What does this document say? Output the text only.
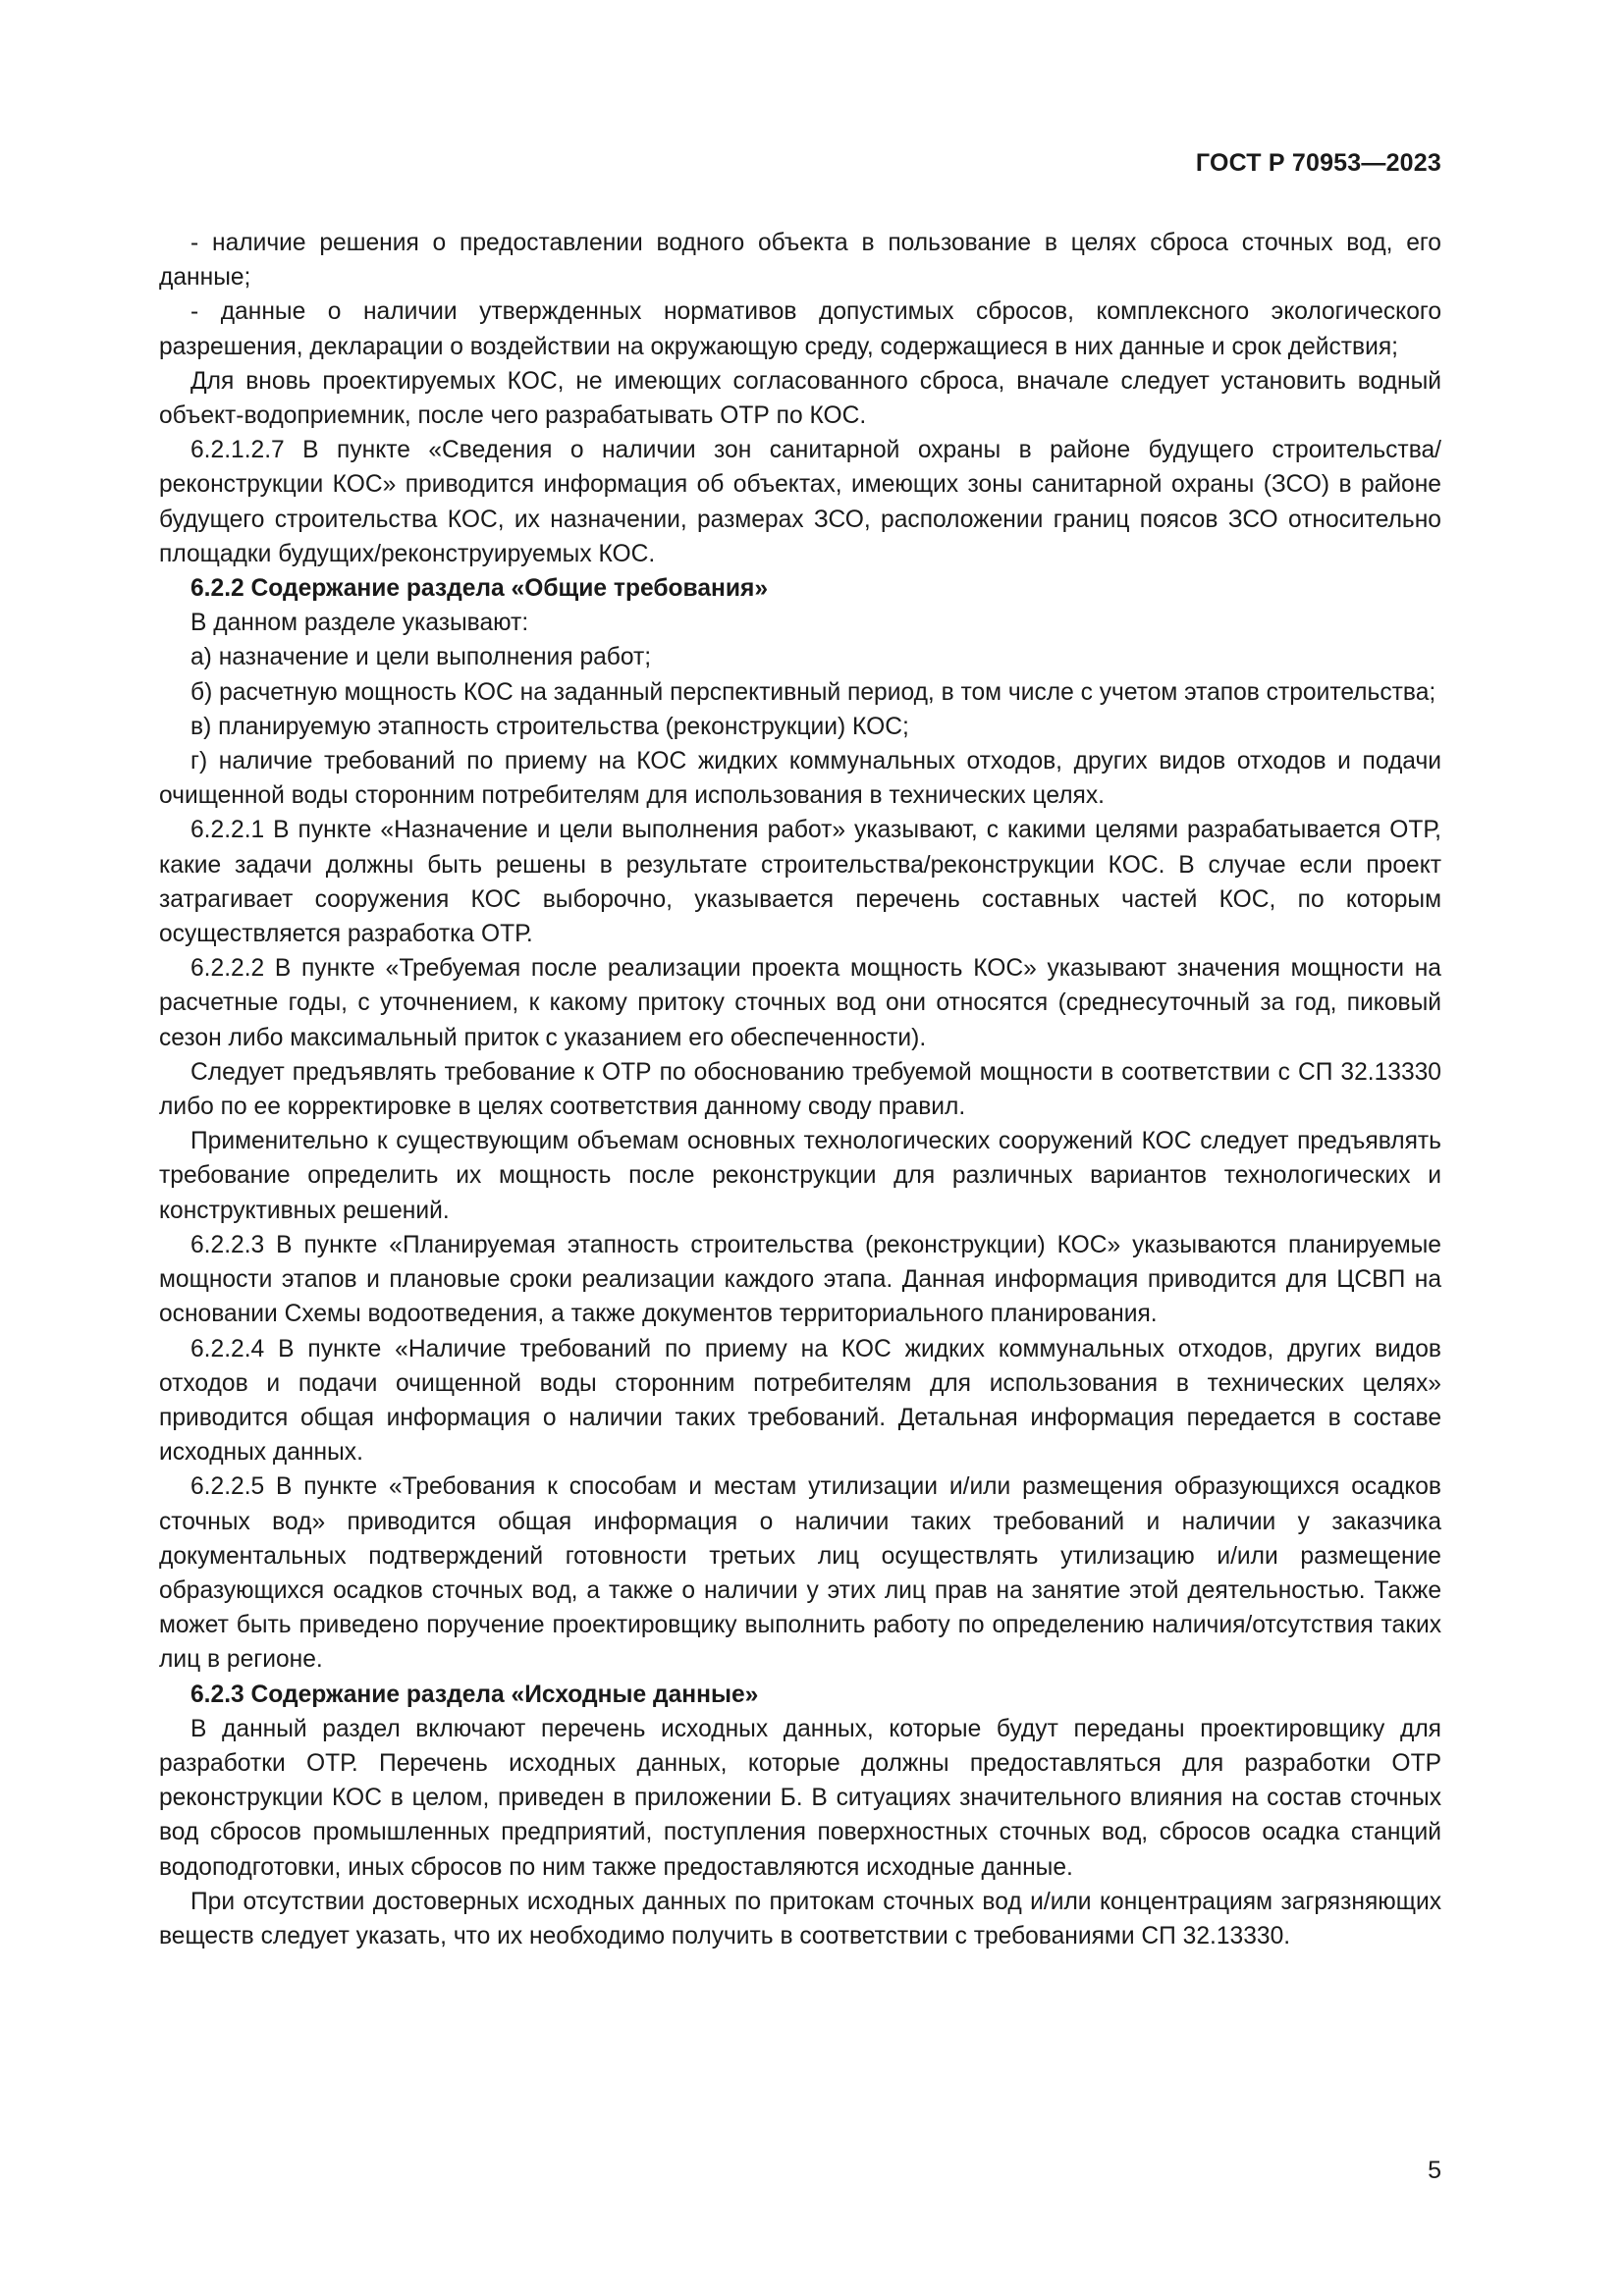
ГОСТ Р 70953—2023

- наличие решения о предоставлении водного объекта в пользование в целях сброса сточных вод, его данные;

- данные о наличии утвержденных нормативов допустимых сбросов, комплексного экологического разрешения, декларации о воздействии на окружающую среду, содержащиеся в них данные и срок действия;

Для вновь проектируемых КОС, не имеющих согласованного сброса, вначале следует установить водный объект-водоприемник, после чего разрабатывать ОТР по КОС.

6.2.1.2.7 В пункте «Сведения о наличии зон санитарной охраны в районе будущего строительства/ реконструкции КОС» приводится информация об объектах, имеющих зоны санитарной охраны (ЗСО) в районе будущего строительства КОС, их назначении, размерах ЗСО, расположении границ поясов ЗСО относительно площадки будущих/реконструируемых КОС.

6.2.2 Содержание раздела «Общие требования»

В данном разделе указывают:

а) назначение и цели выполнения работ;

б) расчетную мощность КОС на заданный перспективный период, в том числе с учетом этапов строительства;

в) планируемую этапность строительства (реконструкции) КОС;

г) наличие требований по приему на КОС жидких коммунальных отходов, других видов отходов и подачи очищенной воды сторонним потребителям для использования в технических целях.

6.2.2.1 В пункте «Назначение и цели выполнения работ» указывают, с какими целями разрабатывается ОТР, какие задачи должны быть решены в результате строительства/реконструкции КОС. В случае если проект затрагивает сооружения КОС выборочно, указывается перечень составных частей КОС, по которым осуществляется разработка ОТР.

6.2.2.2 В пункте «Требуемая после реализации проекта мощность КОС» указывают значения мощности на расчетные годы, с уточнением, к какому притоку сточных вод они относятся (среднесуточный за год, пиковый сезон либо максимальный приток с указанием его обеспеченности).

Следует предъявлять требование к ОТР по обоснованию требуемой мощности в соответствии с СП 32.13330 либо по ее корректировке в целях соответствия данному своду правил.

Применительно к существующим объемам основных технологических сооружений КОС следует предъявлять требование определить их мощность после реконструкции для различных вариантов технологических и конструктивных решений.

6.2.2.3 В пункте «Планируемая этапность строительства (реконструкции) КОС» указываются планируемые мощности этапов и плановые сроки реализации каждого этапа. Данная информация приводится для ЦСВП на основании Схемы водоотведения, а также документов территориального планирования.

6.2.2.4 В пункте «Наличие требований по приему на КОС жидких коммунальных отходов, других видов отходов и подачи очищенной воды сторонним потребителям для использования в технических целях» приводится общая информация о наличии таких требований. Детальная информация передается в составе исходных данных.

6.2.2.5 В пункте «Требования к способам и местам утилизации и/или размещения образующихся осадков сточных вод» приводится общая информация о наличии таких требований и наличии у заказчика документальных подтверждений готовности третьих лиц осуществлять утилизацию и/или размещение образующихся осадков сточных вод, а также о наличии у этих лиц прав на занятие этой деятельностью. Также может быть приведено поручение проектировщику выполнить работу по определению наличия/отсутствия таких лиц в регионе.

6.2.3 Содержание раздела «Исходные данные»

В данный раздел включают перечень исходных данных, которые будут переданы проектировщику для разработки ОТР. Перечень исходных данных, которые должны предоставляться для разработки ОТР реконструкции КОС в целом, приведен в приложении Б. В ситуациях значительного влияния на состав сточных вод сбросов промышленных предприятий, поступления поверхностных сточных вод, сбросов осадка станций водоподготовки, иных сбросов по ним также предоставляются исходные данные.

При отсутствии достоверных исходных данных по притокам сточных вод и/или концентрациям загрязняющих веществ следует указать, что их необходимо получить в соответствии с требованиями СП 32.13330.

5
